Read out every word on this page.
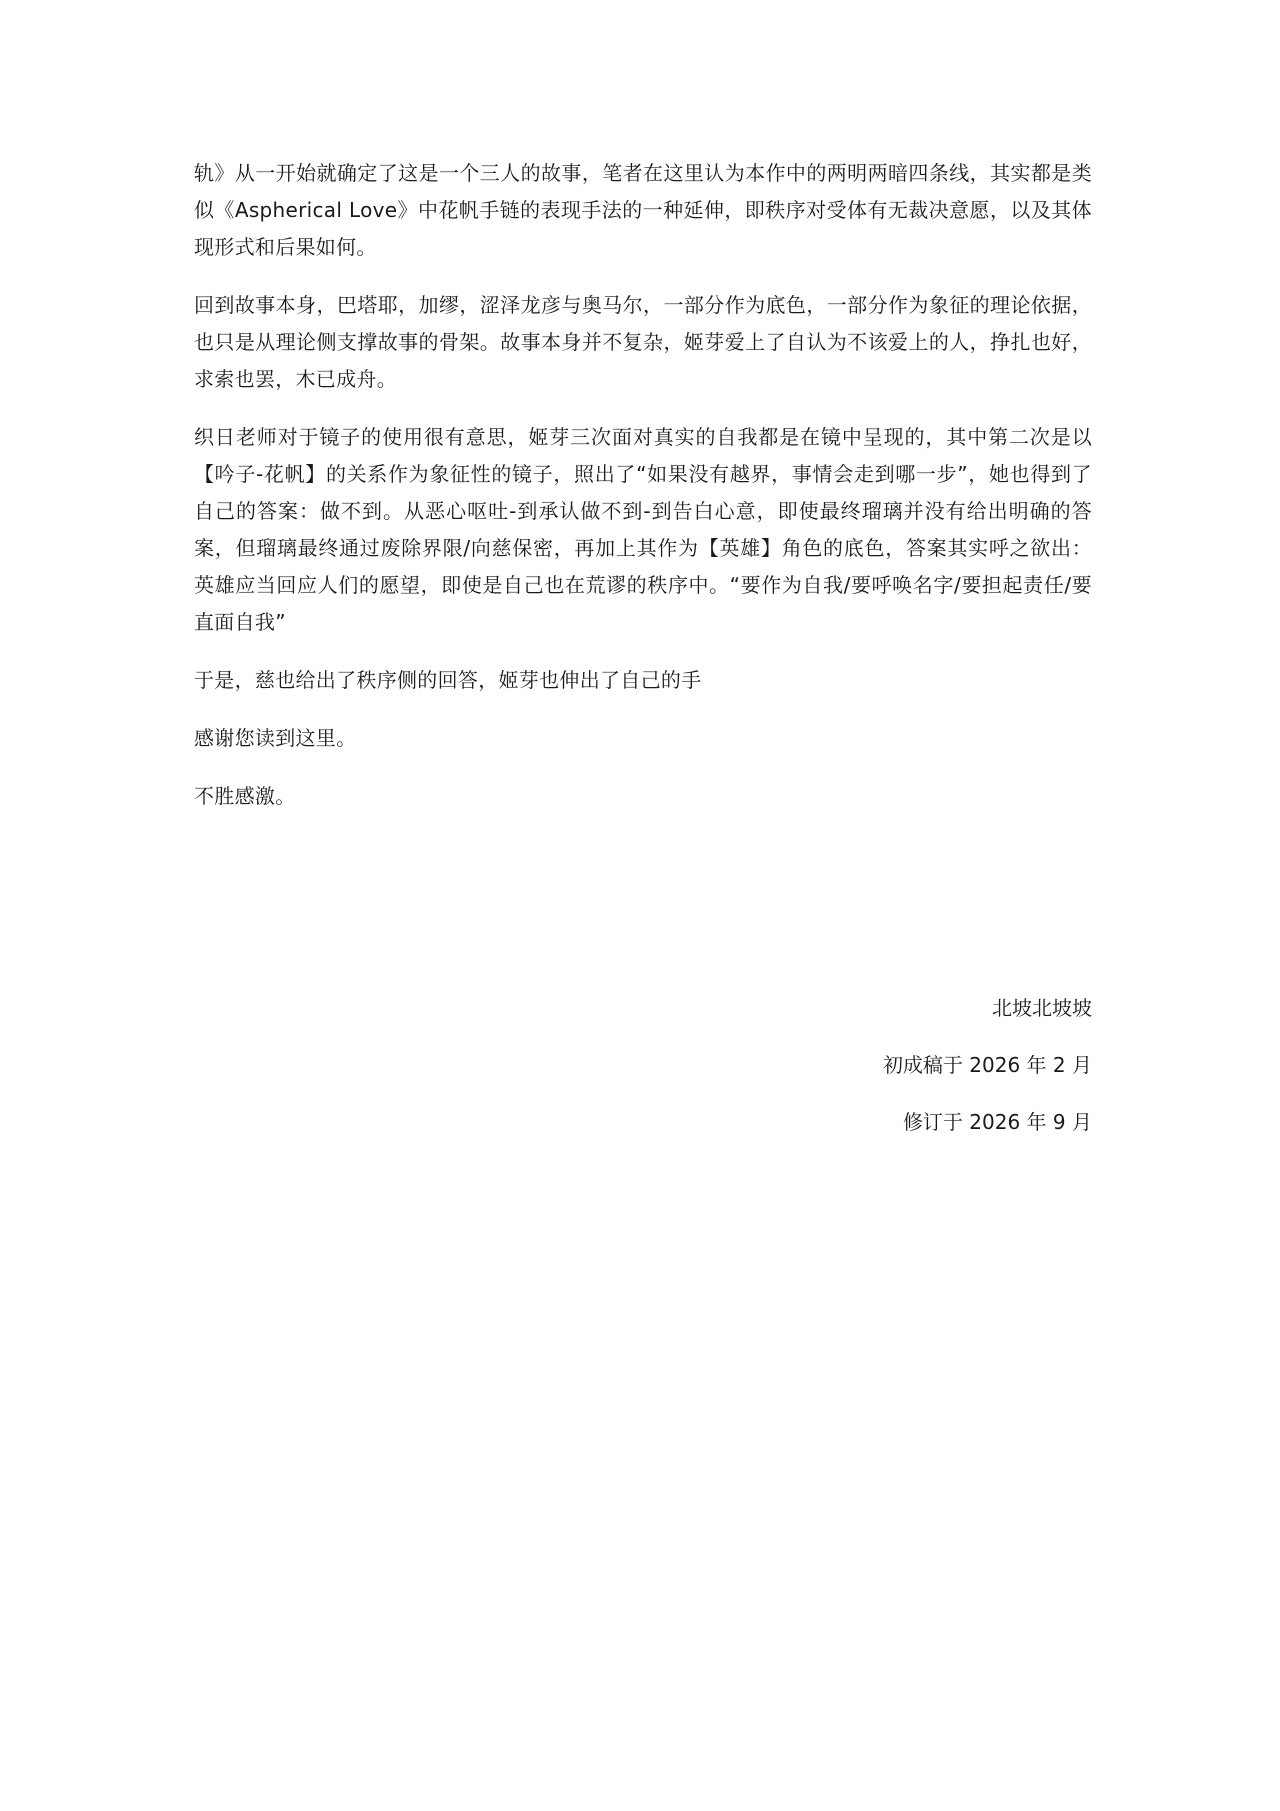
轨》从一开始就确定了这是一个三人的故事，笔者在这里认为本作中的两明两暗四条线，其实都是类似《Aspherical Love》中花帆手链的表现手法的一种延伸，即秩序对受体有无裁决意愿，以及其体现形式和后果如何。

回到故事本身，巴塔耶，加缪，涩泽龙彦与奥马尔，一部分作为底色，一部分作为象征的理论依据，也只是从理论侧支撑故事的骨架。故事本身并不复杂，姬芽爱上了自认为不该爱上的人，挣扎也好，求索也罢，木已成舟。

织日老师对于镜子的使用很有意思，姬芽三次面对真实的自我都是在镜中呈现的，其中第二次是以【吟子-花帆】的关系作为象征性的镜子，照出了“如果没有越界，事情会走到哪一步”，她也得到了自己的答案：做不到。从恶心呕吐-到承认做不到-到告白心意，即使最终瑠璃并没有给出明确的答案，但瑠璃最终通过废除界限/向慈保密，再加上其作为【英雄】角色的底色，答案其实呼之欲出：英雄应当回应人们的愿望，即使是自己也在荒谬的秩序中。“要作为自我/要呼唤名字/要担起责任/要直面自我”

于是，慈也给出了秩序侧的回答，姬芽也伸出了自己的手

感谢您读到这里。

不胜感激。

北坡北坡坡

初成稿于 2026 年 2 月

修订于 2026 年 9 月
